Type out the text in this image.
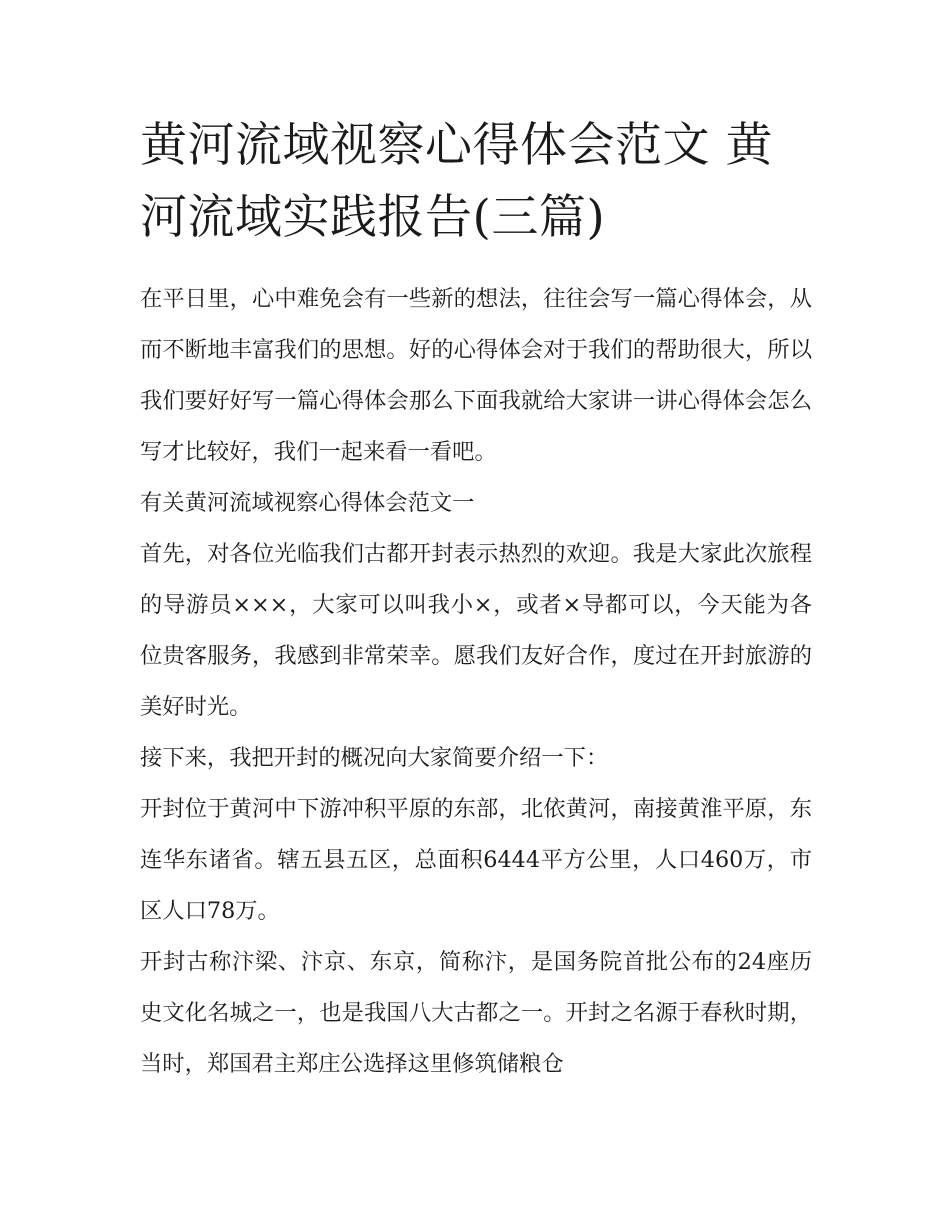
黄河流域视察心得体会范文 黄河流域实践报告(三篇)

在平日里，心中难免会有一些新的想法，往往会写一篇心得体会，从而不断地丰富我们的思想。好的心得体会对于我们的帮助很大，所以我们要好好写一篇心得体会那么下面我就给大家讲一讲心得体会怎么写才比较好，我们一起来看一看吧。

有关黄河流域视察心得体会范文一

首先，对各位光临我们古都开封表示热烈的欢迎。我是大家此次旅程的导游员×××，大家可以叫我小×，或者×导都可以，今天能为各位贵客服务，我感到非常荣幸。愿我们友好合作，度过在开封旅游的美好时光。

接下来，我把开封的概况向大家简要介绍一下：

开封位于黄河中下游冲积平原的东部，北依黄河，南接黄淮平原，东连华东诸省。辖五县五区，总面积6444平方公里，人口460万，市区人口78万。

开封古称汴梁、汴京、东京，简称汴，是国务院首批公布的24座历史文化名城之一，也是我国八大古都之一。开封之名源于春秋时期，当时，郑国君主郑庄公选择这里修筑储粮仓
